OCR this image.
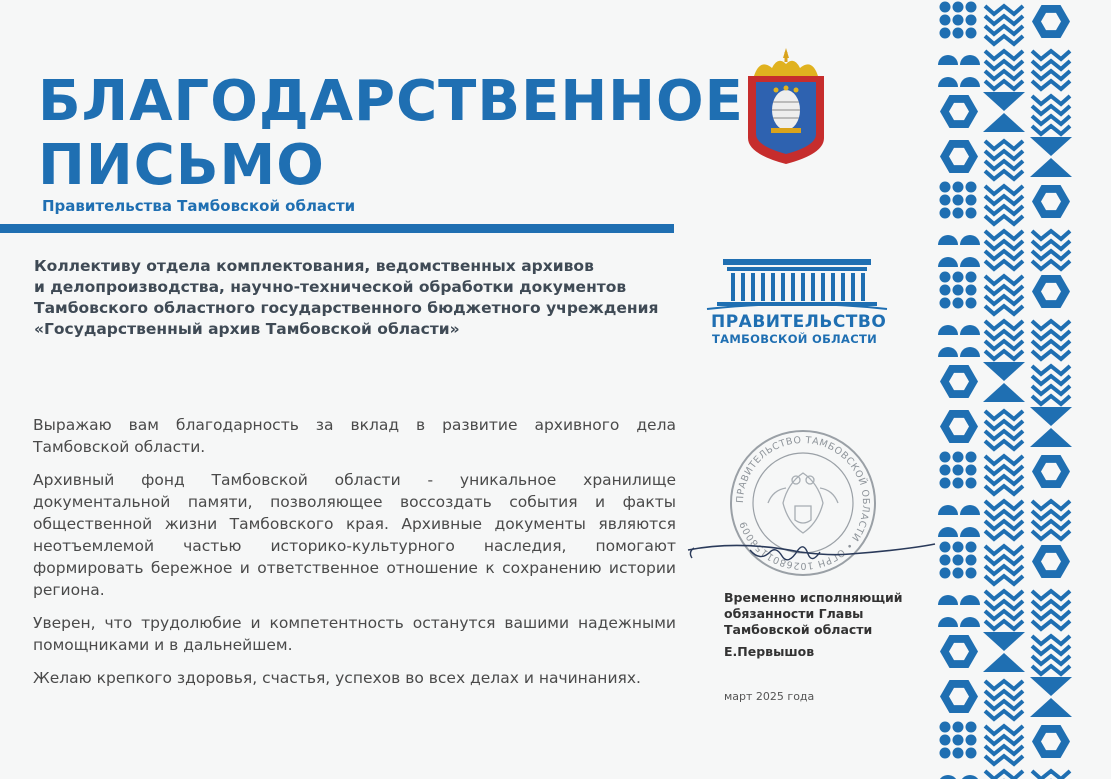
БЛАГОДАРСТВЕННОЕ
ПИСЬМО
Правительства Тамбовской области
Коллективу отдела комплектования, ведомственных архивов
и делопроизводства, научно-технической обработки документов
Тамбовского областного государственного бюджетного учреждения
«Государственный архив Тамбовской области»	ПРАВИТЕЛЬСТВО
ТАМБОВСКОЙ ОБЛАСТИ

Выражаю вам благодарность за вклад в развитие архивного дела Тамбовской области.

Архивный фонд Тамбовской области - уникальное хранилище документальной памяти, позволяющее воссоздать события и факты общественной жизни Тамбовского края. Архивные документы являются неотъемлемой частью историко-культурного наследия, помогают формировать бережное и ответственное отношение к сохранению истории региона.

Уверен, что трудолюбие и компетентность останутся вашими надежными помощниками и в дальнейшем.

Желаю крепкого здоровья, счастья, успехов во всех делах и начинаниях.

ПРАВИТЕЛЬСТВО ТАМБОВСКОЙ ОБЛАСТИ • ОГРН 1026801158009
Временно исполняющий
обязанности Главы
Тамбовской области
Е.Первышов
март 2025 года
